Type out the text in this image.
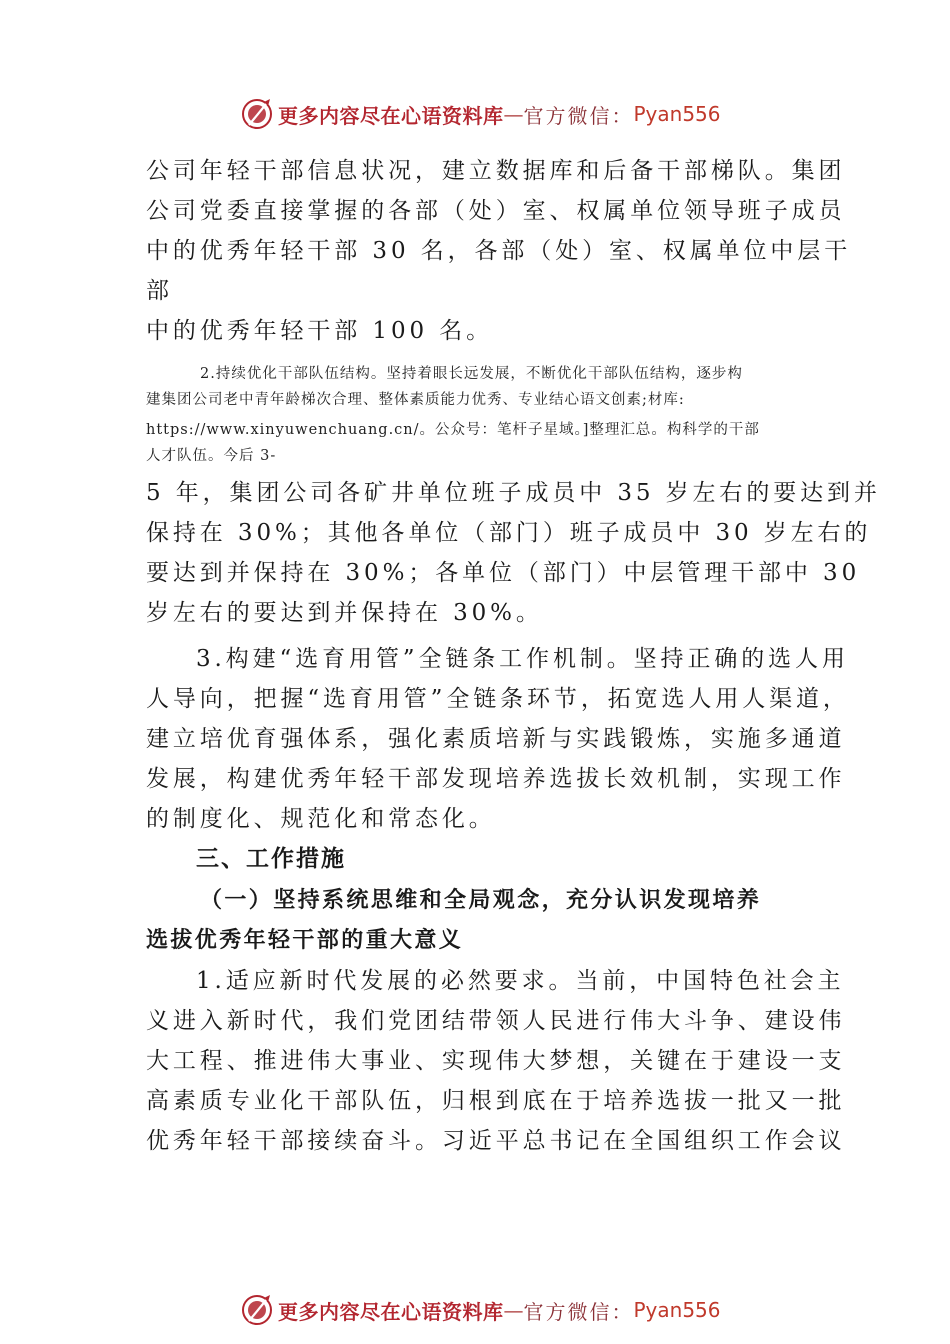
更多内容尽在心语资料库 — 官方微信： Pyan556
公司年轻干部信息状况，建立数据库和后备干部梯队。集团
公司党委直接掌握的各部（处）室、权属单位领导班子成员
中的优秀年轻干部 30 名，各部（处）室、权属单位中层干
部
中的优秀年轻干部 100 名。
2.持续优化干部队伍结构。坚持着眼长远发展，不断优化干部队伍结构，逐步构
建集团公司老中青年龄梯次合理、整体素质能力优秀、专业结心语文创素;材库:
https://www.xinyuwenchuang.cn/。公众号：笔杆子星域。]整理汇总。构科学的干部
人才队伍。今后 3-
5 年，集团公司各矿井单位班子成员中 35 岁左右的要达到并
保持在 30%；其他各单位（部门）班子成员中 30 岁左右的
要达到并保持在 30%；各单位（部门）中层管理干部中 30
岁左右的要达到并保持在 30%。
3.构建“选育用管”全链条工作机制。坚持正确的选人用
人导向，把握“选育用管”全链条环节，拓宽选人用人渠道，
建立培优育强体系，强化素质培新与实践锻炼，实施多通道
发展，构建优秀年轻干部发现培养选拔长效机制，实现工作
的制度化、规范化和常态化。
三、工作措施
（一）坚持系统思维和全局观念，充分认识发现培养
选拔优秀年轻干部的重大意义
1.适应新时代发展的必然要求。当前，中国特色社会主
义进入新时代，我们党团结带领人民进行伟大斗争、建设伟
大工程、推进伟大事业、实现伟大梦想，关键在于建设一支
高素质专业化干部队伍，归根到底在于培养选拔一批又一批
优秀年轻干部接续奋斗。习近平总书记在全国组织工作会议
更多内容尽在心语资料库 — 官方微信： Pyan556
